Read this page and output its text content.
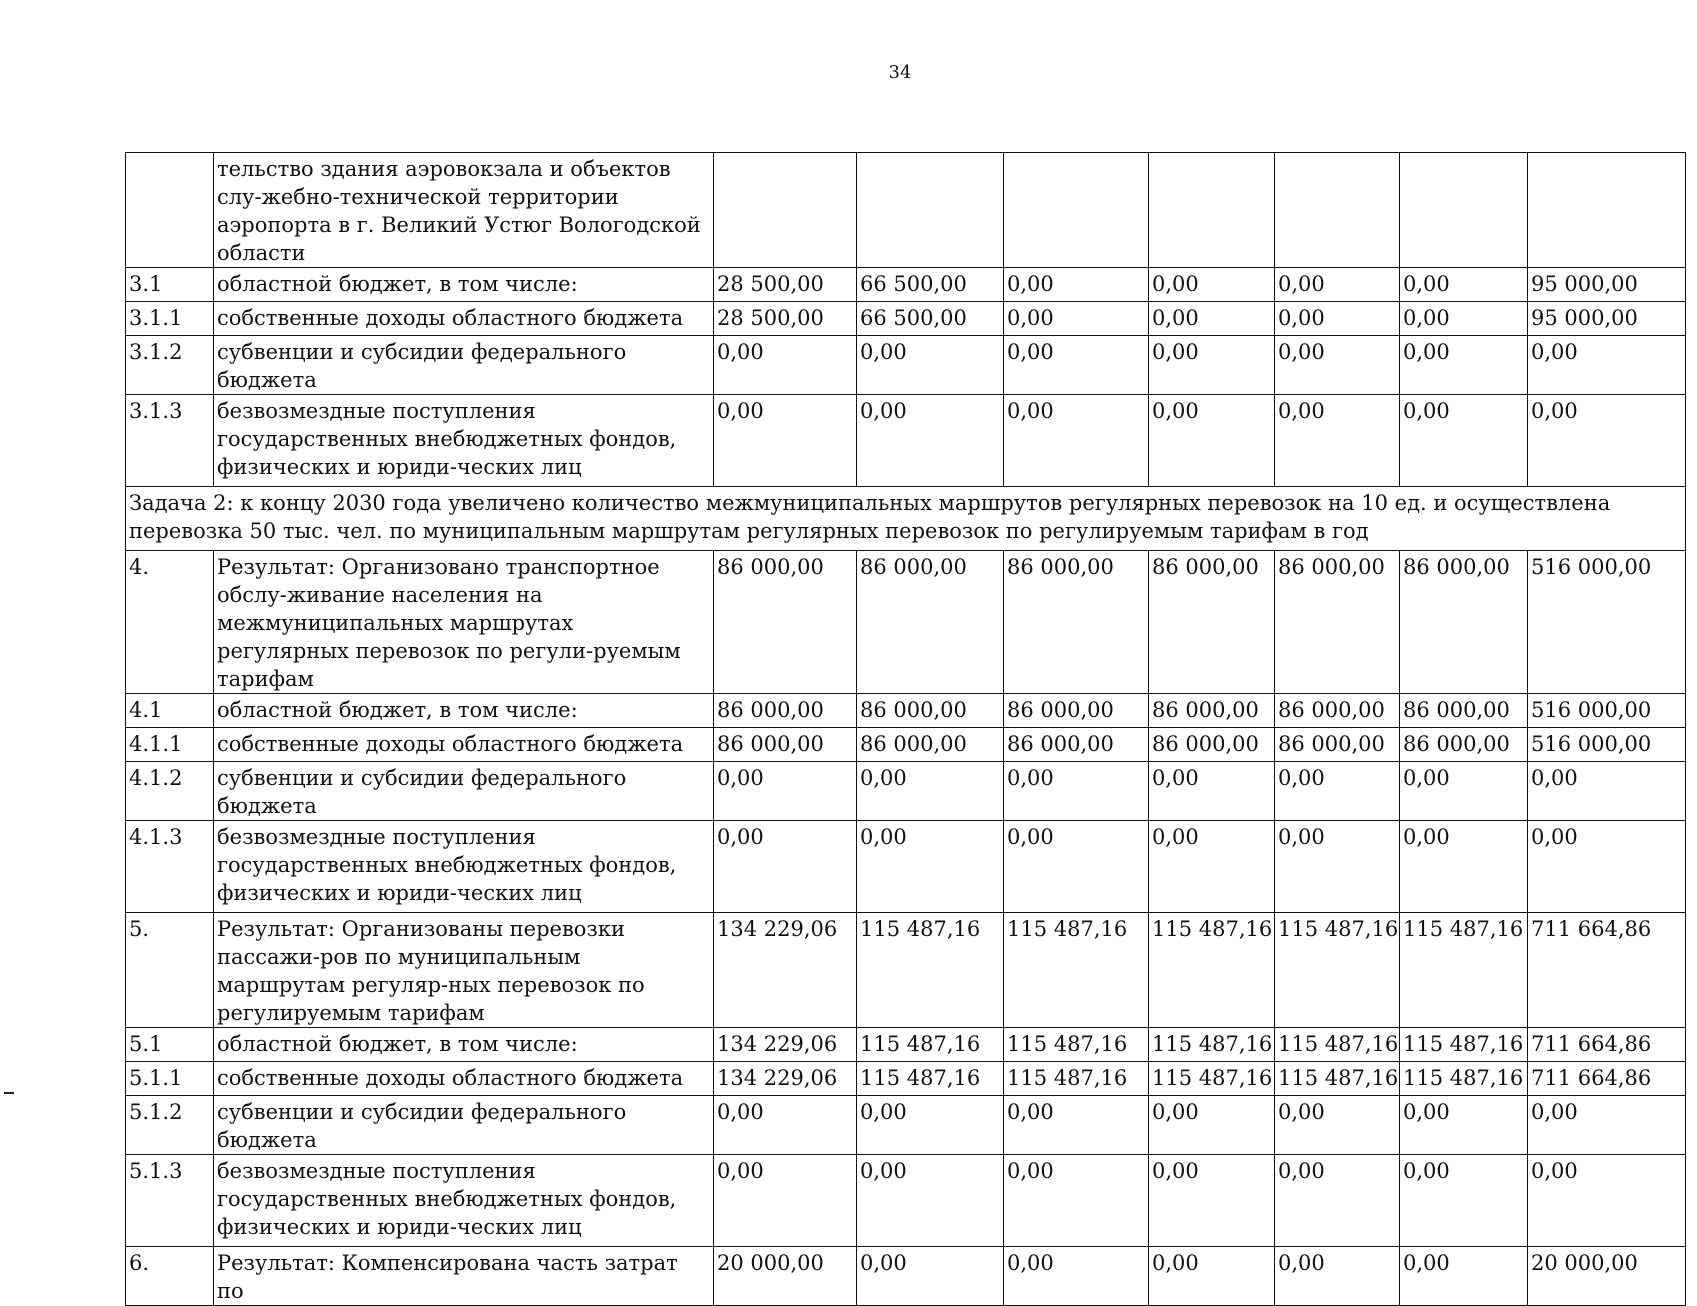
34
	тельство здания аэровокзала и объектов слу-жебно-технической территории аэропорта в г. Великий Устюг Вологодской области							
3.1	областной бюджет, в том числе:	28 500,00	66 500,00	0,00	0,00	0,00	0,00	95 000,00
3.1.1	собственные доходы областного бюджета	28 500,00	66 500,00	0,00	0,00	0,00	0,00	95 000,00
3.1.2	субвенции и субсидии федерального бюджета	0,00	0,00	0,00	0,00	0,00	0,00	0,00
3.1.3	безвозмездные поступления государственных внебюджетных фондов, физических и юриди-ческих лиц	0,00	0,00	0,00	0,00	0,00	0,00	0,00
Задача 2: к концу 2030 года увеличено количество межмуниципальных маршрутов регулярных перевозок на 10 ед. и осуществлена перевозка 50 тыс. чел. по муниципальным маршрутам регулярных перевозок по регулируемым тарифам в год								
4.	Результат: Организовано транспортное обслу-живание населения на межмуниципальных маршрутах регулярных перевозок по регули-руемым тарифам	86 000,00	86 000,00	86 000,00	86 000,00	86 000,00	86 000,00	516 000,00
4.1	областной бюджет, в том числе:	86 000,00	86 000,00	86 000,00	86 000,00	86 000,00	86 000,00	516 000,00
4.1.1	собственные доходы областного бюджета	86 000,00	86 000,00	86 000,00	86 000,00	86 000,00	86 000,00	516 000,00
4.1.2	субвенции и субсидии федерального бюджета	0,00	0,00	0,00	0,00	0,00	0,00	0,00
4.1.3	безвозмездные поступления государственных внебюджетных фондов, физических и юриди-ческих лиц	0,00	0,00	0,00	0,00	0,00	0,00	0,00
5.	Результат: Организованы перевозки пассажи-ров по муниципальным маршрутам регуляр-ных перевозок по регулируемым тарифам	134 229,06	115 487,16	115 487,16	115 487,16	115 487,16	115 487,16	711 664,86
5.1	областной бюджет, в том числе:	134 229,06	115 487,16	115 487,16	115 487,16	115 487,16	115 487,16	711 664,86
5.1.1	собственные доходы областного бюджета	134 229,06	115 487,16	115 487,16	115 487,16	115 487,16	115 487,16	711 664,86
5.1.2	субвенции и субсидии федерального бюджета	0,00	0,00	0,00	0,00	0,00	0,00	0,00
5.1.3	безвозмездные поступления государственных внебюджетных фондов, физических и юриди-ческих лиц	0,00	0,00	0,00	0,00	0,00	0,00	0,00
6.	Результат: Компенсирована часть затрат по	20 000,00	0,00	0,00	0,00	0,00	0,00	20 000,00
